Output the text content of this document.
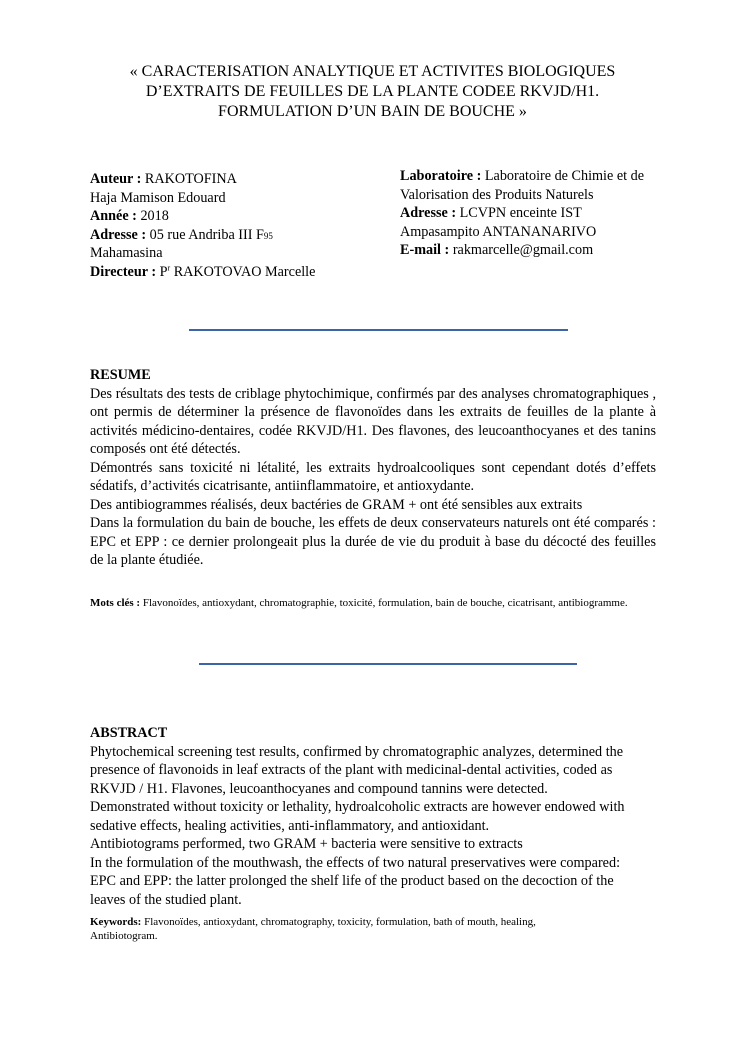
« CARACTERISATION ANALYTIQUE ET ACTIVITES BIOLOGIQUES
D’EXTRAITS DE FEUILLES DE LA PLANTE CODEE RKVJD/H1.
FORMULATION D’UN BAIN DE BOUCHE »
Auteur : RAKOTOFINA
Haja Mamison Edouard
Année : 2018
Adresse : 05 rue Andriba III F95
Mahamasina
Directeur : $P^r$ RAKOTOVAO Marcelle
Laboratoire : Laboratoire de Chimie et de
Valorisation des Produits Naturels
Adresse : LCVPN enceinte IST
Ampasampito ANTANANARIVO
E-mail : rakmarcelle@gmail.com
RESUME
Des résultats des tests de criblage phytochimique, confirmés par des analyses chromatographiques , ont permis de déterminer la présence de flavonoïdes dans les extraits de feuilles de la plante à activités médicino-dentaires, codée RKVJD/H1. Des flavones, des leucoanthocyanes et des tanins composés ont été détectés.
Démontrés sans toxicité ni létalité, les extraits hydroalcooliques sont cependant dotés d’effets sédatifs, d’activités cicatrisante, antiinflammatoire, et antioxydante.
Des antibiogrammes réalisés, deux bactéries de GRAM + ont été sensibles aux extraits
Dans la formulation du bain de bouche, les effets de deux conservateurs naturels ont été comparés : EPC et EPP : ce dernier prolongeait plus la durée de vie du produit à base du décocté des feuilles de la plante étudiée.
Mots clés : Flavonoïdes, antioxydant, chromatographie, toxicité, formulation, bain de bouche, cicatrisant, antibiogramme.
ABSTRACT
Phytochemical screening test results, confirmed by chromatographic analyzes, determined the
presence of flavonoids in leaf extracts of the plant with medicinal-dental activities, coded as
RKVJD / H1. Flavones, leucoanthocyanes and compound tannins were detected.
Demonstrated without toxicity or lethality, hydroalcoholic extracts are however endowed with
sedative effects, healing activities, anti-inflammatory, and antioxidant.
Antibiotograms performed, two GRAM + bacteria were sensitive to extracts
In the formulation of the mouthwash, the effects of two natural preservatives were compared:
EPC and EPP: the latter prolonged the shelf life of the product based on the decoction of the
leaves of the studied plant.
Keywords: Flavonoïdes, antioxydant, chromatography, toxicity, formulation, bath of mouth, healing,
Antibiotogram.
